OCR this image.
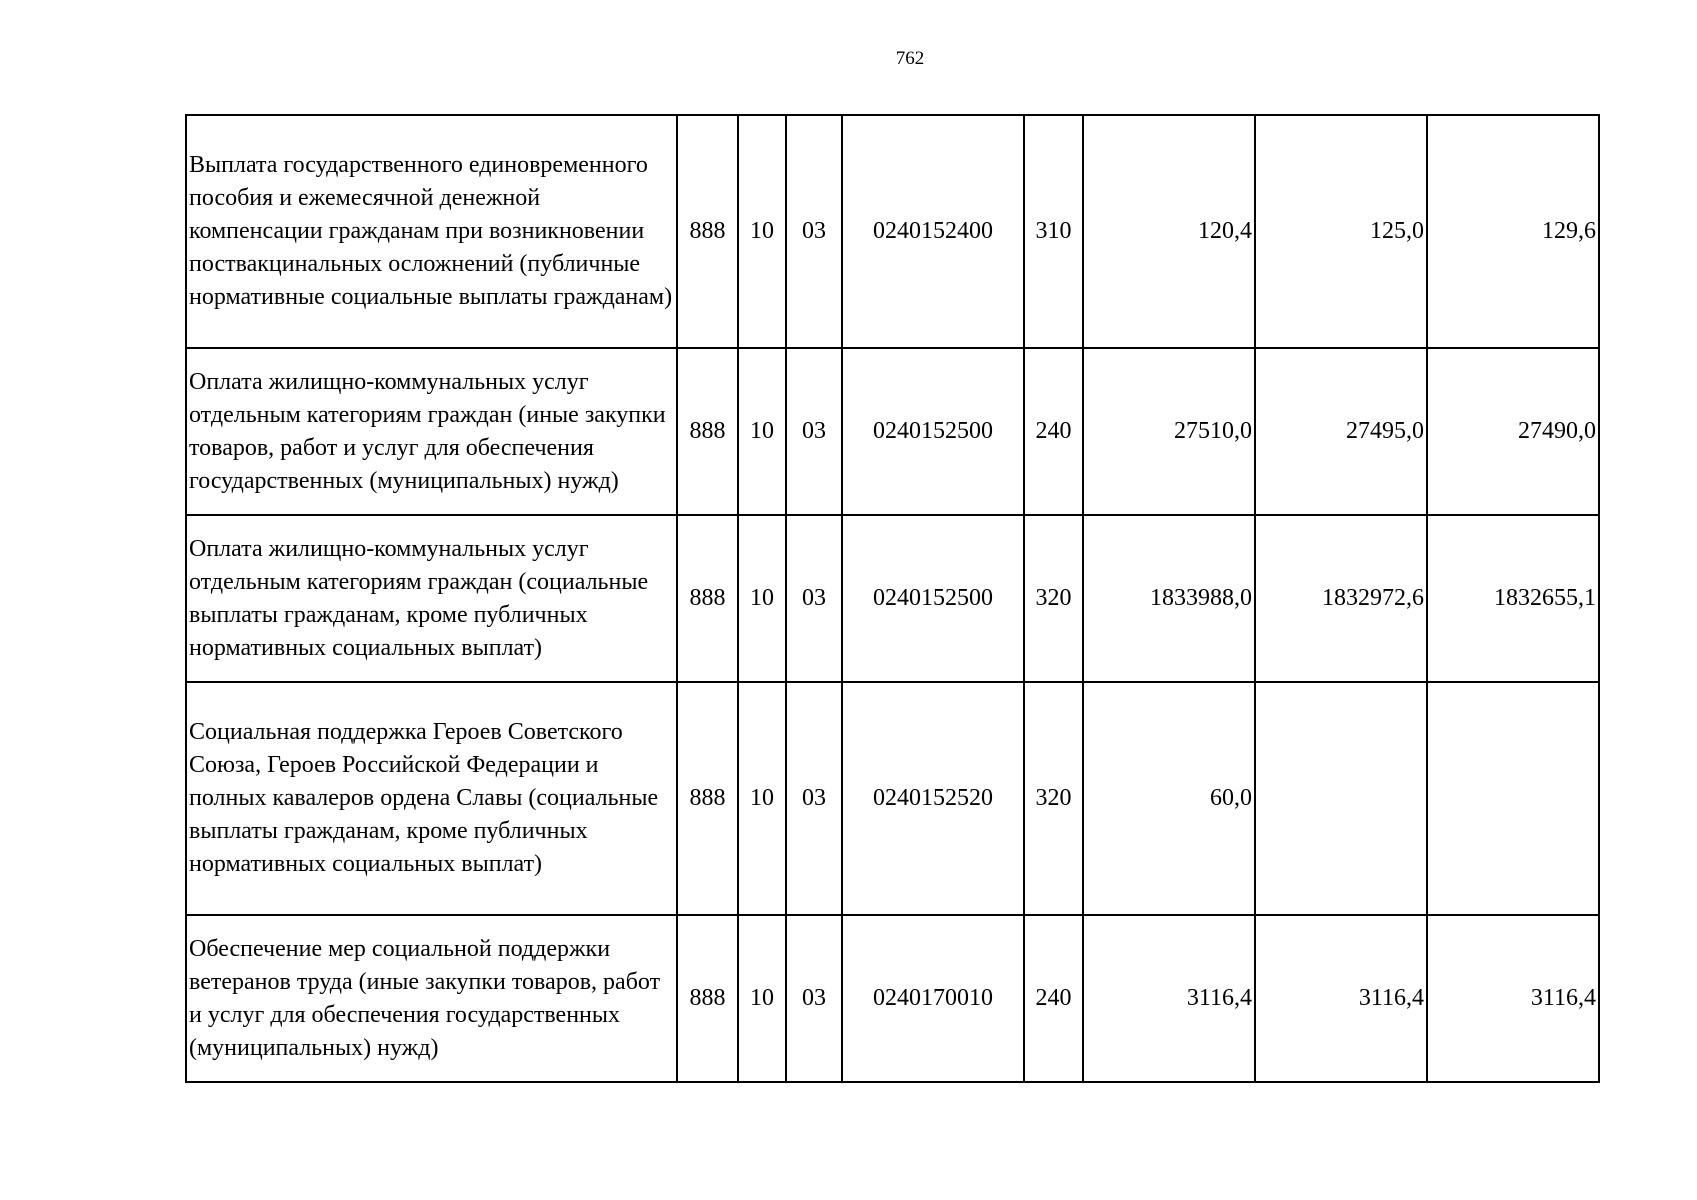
762
Выплата государственного единовременного пособия и ежемесячной денежной компенсации гражданам при возникновении поствакцинальных осложнений (публичные нормативные социальные выплаты гражданам)	888	10	03	0240152400	310	120,4	125,0	129,6
Оплата жилищно-коммунальных услуг отдельным категориям граждан (иные закупки товаров, работ и услуг для обеспечения государственных (муниципальных) нужд)	888	10	03	0240152500	240	27510,0	27495,0	27490,0
Оплата жилищно-коммунальных услуг отдельным категориям граждан (социальные выплаты гражданам, кроме публичных нормативных социальных выплат)	888	10	03	0240152500	320	1833988,0	1832972,6	1832655,1
Социальная поддержка Героев Советского Союза, Героев Российской Федерации и полных кавалеров ордена Славы (социальные выплаты гражданам, кроме публичных нормативных социальных выплат)	888	10	03	0240152520	320	60,0		
Обеспечение мер социальной поддержки ветеранов труда (иные закупки товаров, работ и услуг для обеспечения государственных (муниципальных) нужд)	888	10	03	0240170010	240	3116,4	3116,4	3116,4
